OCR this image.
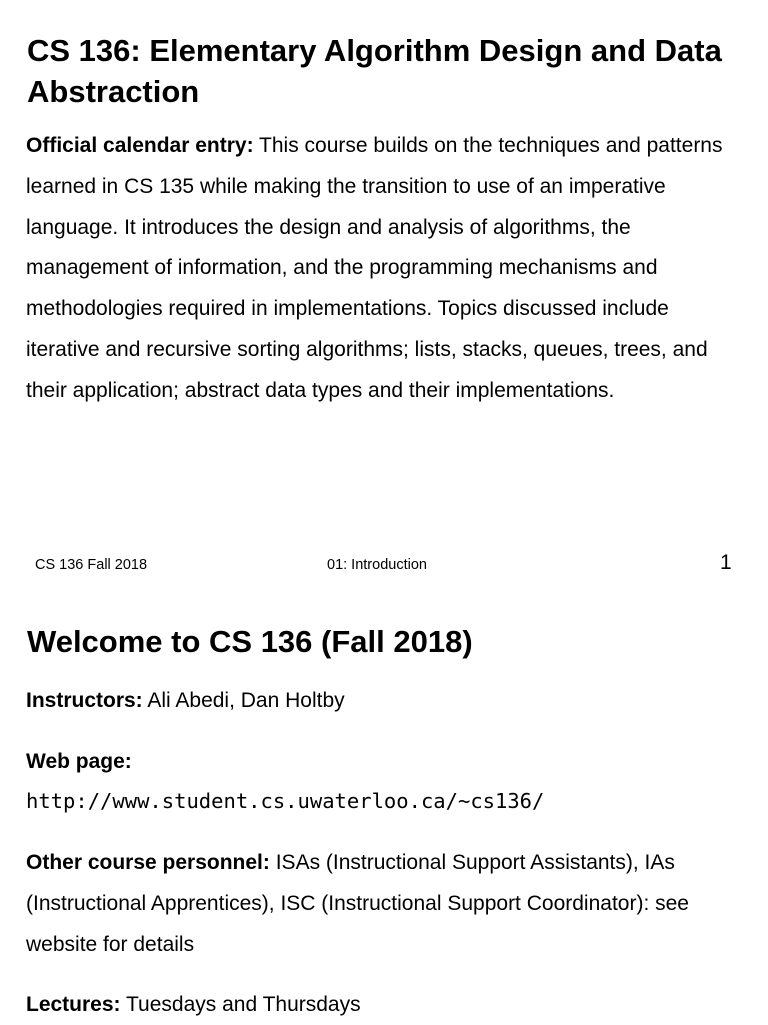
CS 136: Elementary Algorithm Design and Data Abstraction

Official calendar entry: This course builds on the techniques and patterns learned in CS 135 while making the transition to use of an imperative language. It introduces the design and analysis of algorithms, the management of information, and the programming mechanisms and methodologies required in implementations. Topics discussed include iterative and recursive sorting algorithms; lists, stacks, queues, trees, and their application; abstract data types and their implementations.

CS 136 Fall 2018	01: Introduction	1
Welcome to CS 136 (Fall 2018)

Instructors: Ali Abedi, Dan Holtby

Web page:

http://www.student.cs.uwaterloo.ca/~cs136/

Other course personnel: ISAs (Instructional Support Assistants), IAs (Instructional Apprentices), ISC (Instructional Support Coordinator): see website for details

Lectures: Tuesdays and Thursdays
